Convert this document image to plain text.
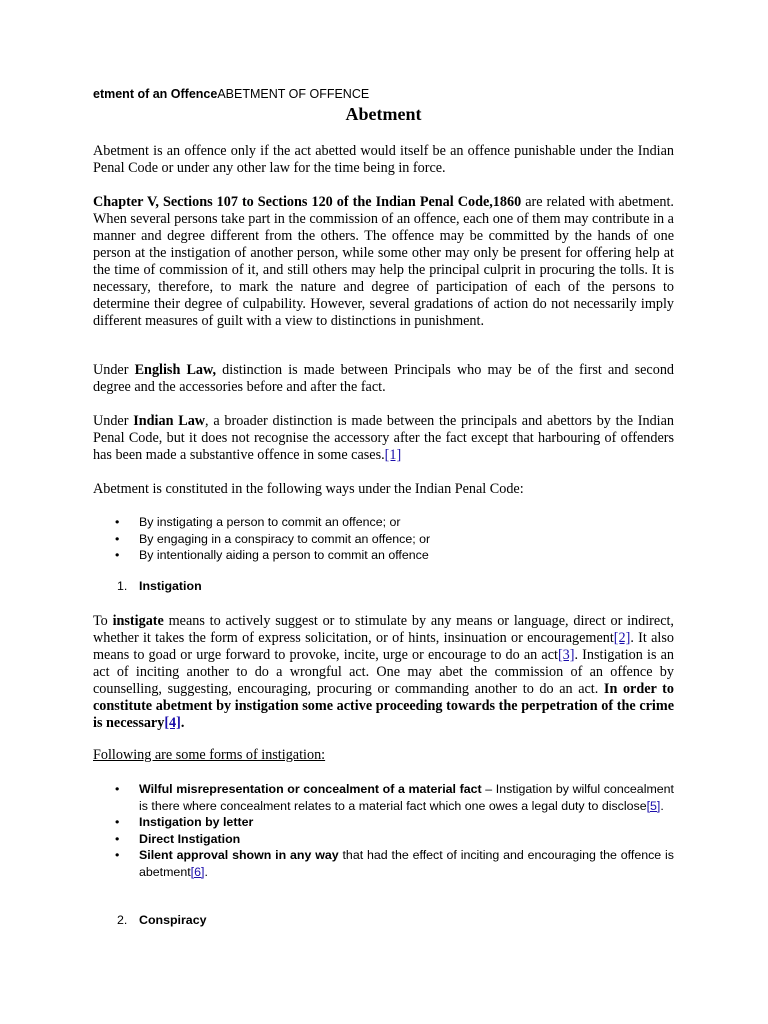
etment of an OffenceABETMENT OF OFFENCE
Abetment
Abetment is an offence only if the act abetted would itself be an offence punishable under the Indian Penal Code or under any other law for the time being in force.
Chapter V, Sections 107 to Sections 120 of the Indian Penal Code,1860 are related with abetment. When several persons take part in the commission of an offence, each one of them may contribute in a manner and degree different from the others. The offence may be committed by the hands of one person at the instigation of another person, while some other may only be present for offering help at the time of commission of it, and still others may help the principal culprit in procuring the tolls. It is necessary, therefore, to mark the nature and degree of participation of each of the persons to determine their degree of culpability. However, several gradations of action do not necessarily imply different measures of guilt with a view to distinctions in punishment.
Under English Law, distinction is made between Principals who may be of the first and second degree and the accessories before and after the fact.
Under Indian Law, a broader distinction is made between the principals and abettors by the Indian Penal Code, but it does not recognise the accessory after the fact except that harbouring of offenders has been made a substantive offence in some cases.[1]
Abetment is constituted in the following ways under the Indian Penal Code:
• By instigating a person to commit an offence; or
• By engaging in a conspiracy to commit an offence; or
• By intentionally aiding a person to commit an offence
1. Instigation
To instigate means to actively suggest or to stimulate by any means or language, direct or indirect, whether it takes the form of express solicitation, or of hints, insinuation or encouragement[2]. It also means to goad or urge forward to provoke, incite, urge or encourage to do an act[3]. Instigation is an act of inciting another to do a wrongful act. One may abet the commission of an offence by counselling, suggesting, encouraging, procuring or commanding another to do an act. In order to constitute abetment by instigation some active proceeding towards the perpetration of the crime is necessary[4].
Following are some forms of instigation:
• Wilful misrepresentation or concealment of a material fact – Instigation by wilful concealment is there where concealment relates to a material fact which one owes a legal duty to disclose[5].
• Instigation by letter
• Direct Instigation
• Silent approval shown in any way that had the effect of inciting and encouraging the offence is abetment[6].
2. Conspiracy
